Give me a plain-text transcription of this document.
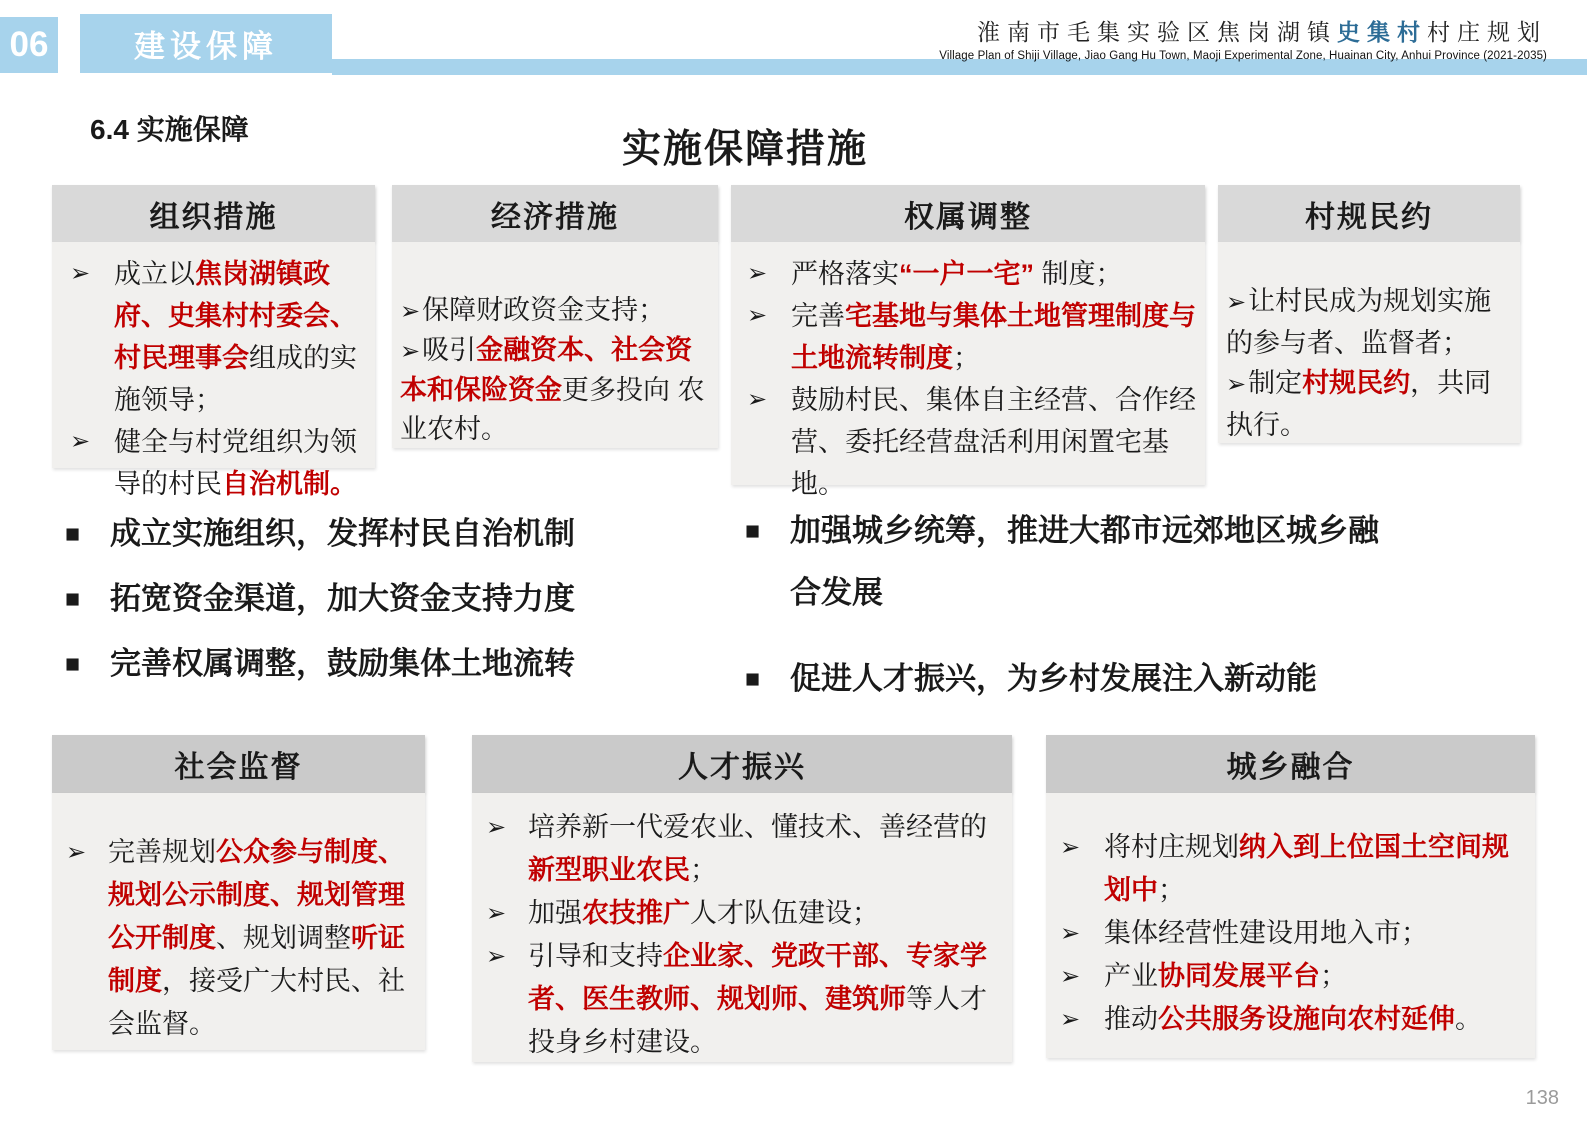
06	建设保障	淮南市毛集实验区焦岗湖镇史集村村庄规划
Village Plan of Shiji Village, Jiao Gang Hu Town, Maoji Experimental Zone, Huainan City, Anhui Province (2021-2035)
6.4 实施保障	实施保障措施
组织措施
➢ 成立以焦岗湖镇政府、史集村村委会、村民理事会组成的实施领导；
➢ 健全与村党组织为领导的村民自治机制。
经济措施
➢保障财政资金支持；
➢吸引金融资本、社会资本和保险资金更多投向 农业农村。
权属调整
➢ 严格落实“一户一宅” 制度；
➢ 完善宅基地与集体土地管理制度与土地流转制度；
➢ 鼓励村民、集体自主经营、合作经营、委托经营盘活利用闲置宅基地。
村规民约
➢让村民成为规划实施的参与者、监督者；
➢制定村规民约，共同执行。
■ 成立实施组织，发挥村民自治机制
■ 拓宽资金渠道，加大资金支持力度
■ 完善权属调整，鼓励集体土地流转
■ 加强城乡统筹，推进大都市远郊地区城乡融合发展
■ 促进人才振兴，为乡村发展注入新动能
社会监督
➢ 完善规划公众参与制度、 规划公示制度、规划管理 公开制度、规划调整听证 制度，接受广大村民、社 会监督。
人才振兴
➢ 培养新一代爱农业、懂技术、善经营的新型职业农民；
➢ 加强农技推广人才队伍建设；
➢ 引导和支持企业家、党政干部、专家学者、医生教师、规划师、建筑师等人才投身乡村建设。
城乡融合
➢ 将村庄规划纳入到上位国土空间规划中；
➢ 集体经营性建设用地入市；
➢ 产业协同发展平台；
➢ 推动公共服务设施向农村延伸。
138
